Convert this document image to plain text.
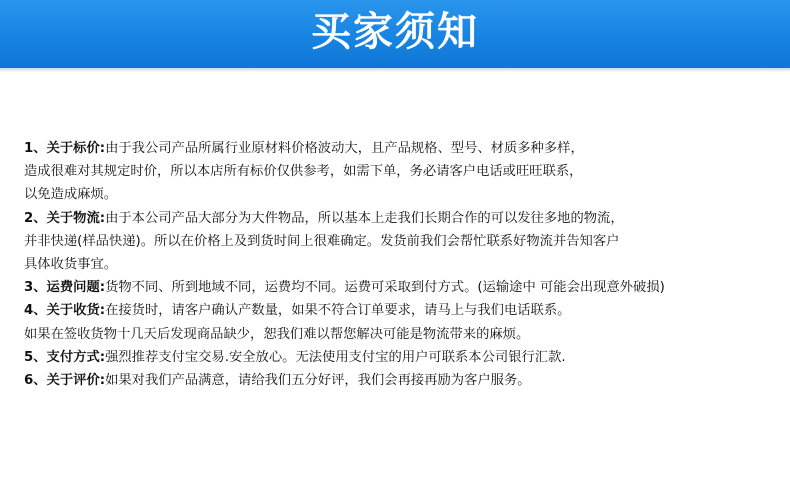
买家须知
1、关于标价:由于我公司产品所属行业原材料价格波动大，且产品规格、型号、材质多种多样，
造成很难对其规定时价，所以本店所有标价仅供参考，如需下单，务必请客户电话或旺旺联系，
以免造成麻烦。
2、关于物流:由于本公司产品大部分为大件物品，所以基本上走我们长期合作的可以发往多地的物流，
并非快递(样品快递)。所以在价格上及到货时间上很难确定。发货前我们会帮忙联系好物流并告知客户
具体收货事宜。
3、运费问题:货物不同、所到地域不同，运费均不同。运费可采取到付方式。(运输途中 可能会出现意外破损)
4、关于收货:在接货时，请客户确认产数量，如果不符合订单要求，请马上与我们电话联系。
如果在签收货物十几天后发现商品缺少，恕我们难以帮您解决可能是物流带来的麻烦。
5、支付方式:强烈推荐支付宝交易.安全放心。无法使用支付宝的用户可联系本公司银行汇款.
6、关于评价:如果对我们产品满意，请给我们五分好评，我们会再接再励为客户服务。
